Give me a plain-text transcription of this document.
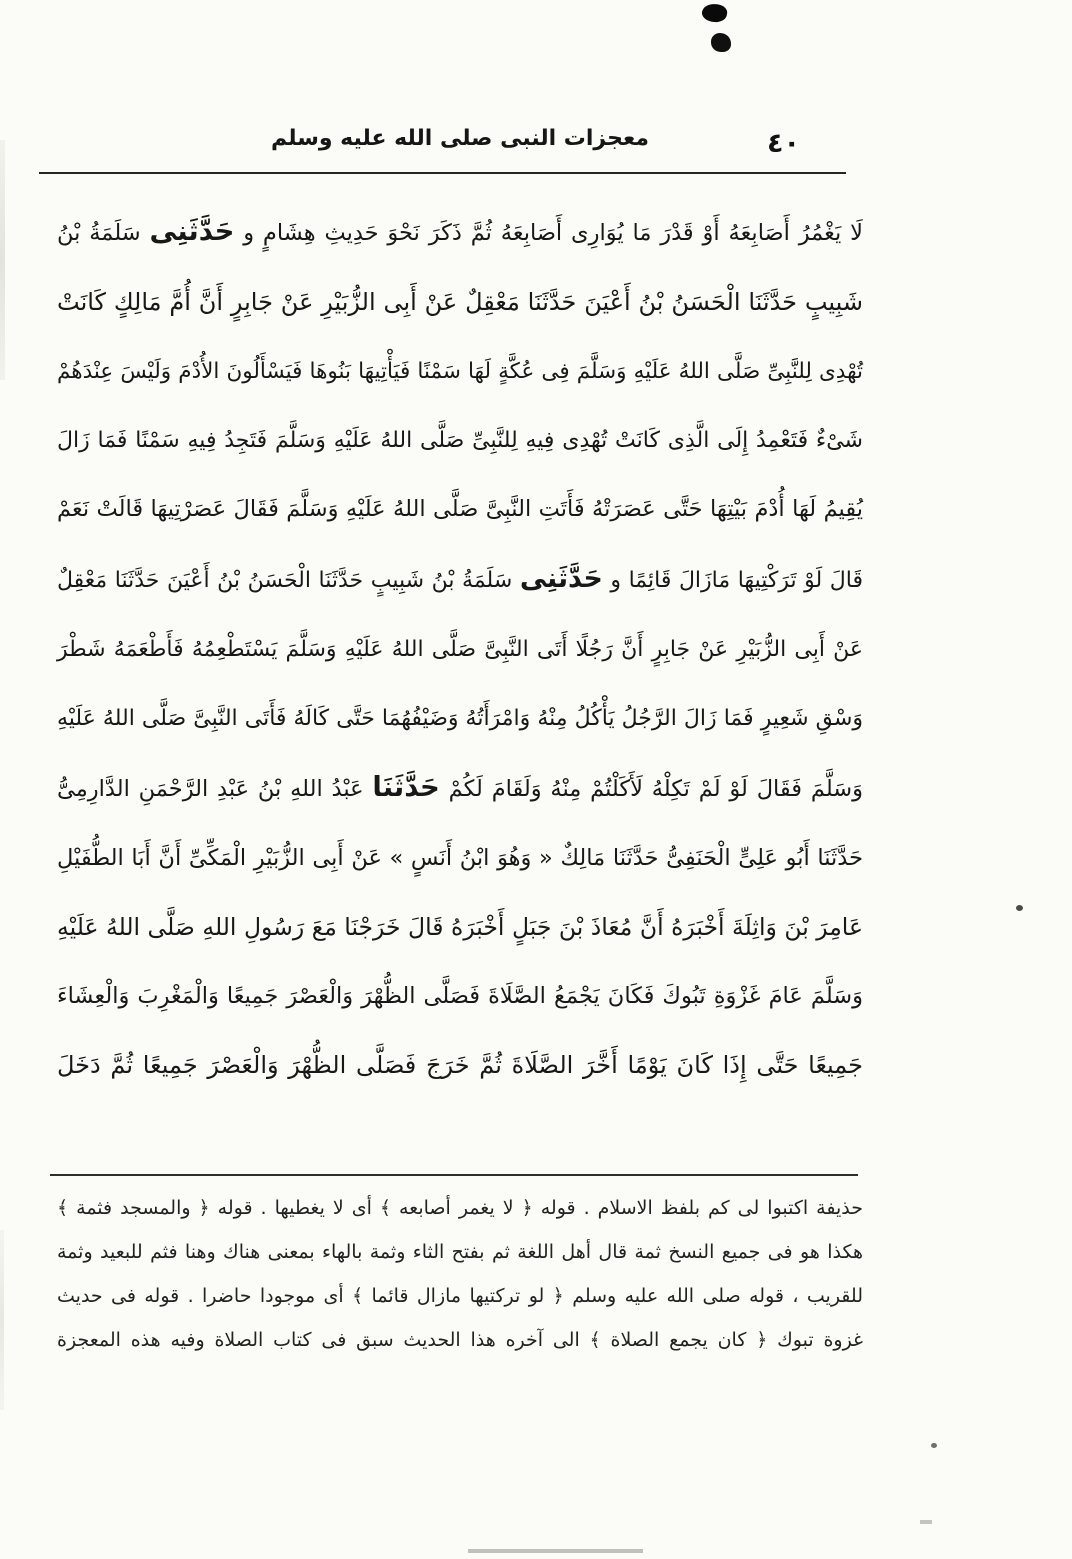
معجزات النبى صلى الله عليه وسلم	٤٠
لَا يَغْمُرُ أَصَابِعَهُ أَوْ قَدْرَ مَا يُوَارِى أَصَابِعَهُ ثُمَّ ذَكَرَ نَحْوَ حَدِيثِ هِشَامٍ و حَدَّثَنِى سَلَمَةُ بْنُ
شَبِيبٍ حَدَّثَنَا الْحَسَنُ بْنُ أَعْيَنَ حَدَّثَنَا مَعْقِلٌ عَنْ أَبِى الزُّبَيْرِ عَنْ جَابِرٍ أَنَّ أُمَّ مَالِكٍ كَانَتْ
تُهْدِى لِلنَّبِىِّ صَلَّى اللهُ عَلَيْهِ وَسَلَّمَ فِى عُكَّةٍ لَهَا سَمْنًا فَيَأْتِيهَا بَنُوهَا فَيَسْأَلُونَ الأُدْمَ وَلَيْسَ عِنْدَهُمْ
شَىْءٌ فَتَعْمِدُ إِلَى الَّذِى كَانَتْ تُهْدِى فِيهِ لِلنَّبِىِّ صَلَّى اللهُ عَلَيْهِ وَسَلَّمَ فَتَجِدُ فِيهِ سَمْنًا فَمَا زَالَ
يُقِيمُ لَهَا أُدْمَ بَيْتِهَا حَتَّى عَصَرَتْهُ فَأَتَتِ النَّبِىَّ صَلَّى اللهُ عَلَيْهِ وَسَلَّمَ فَقَالَ عَصَرْتِيهَا قَالَتْ نَعَمْ
قَالَ لَوْ تَرَكْتِيهَا مَازَالَ قَائِمًا و حَدَّثَنِى سَلَمَةُ بْنُ شَبِيبٍ حَدَّثَنَا الْحَسَنُ بْنُ أَعْيَنَ حَدَّثَنَا مَعْقِلٌ
عَنْ أَبِى الزُّبَيْرِ عَنْ جَابِرٍ أَنَّ رَجُلًا أَتَى النَّبِىَّ صَلَّى اللهُ عَلَيْهِ وَسَلَّمَ يَسْتَطْعِمُهُ فَأَطْعَمَهُ شَطْرَ
وَسْقِ شَعِيرٍ فَمَا زَالَ الرَّجُلُ يَأْكُلُ مِنْهُ وَامْرَأَتُهُ وَضَيْفُهُمَا حَتَّى كَالَهُ فَأَتَى النَّبِىَّ صَلَّى اللهُ عَلَيْهِ
وَسَلَّمَ فَقَالَ لَوْ لَمْ تَكِلْهُ لَأَكَلْتُمْ مِنْهُ وَلَقَامَ لَكُمْ حَدَّثَنَا عَبْدُ اللهِ بْنُ عَبْدِ الرَّحْمَنِ الدَّارِمِىُّ
حَدَّثَنَا أَبُو عَلِىٍّ الْحَنَفِىُّ حَدَّثَنَا مَالِكٌ « وَهُوَ ابْنُ أَنَسٍ » عَنْ أَبِى الزُّبَيْرِ الْمَكِّىِّ أَنَّ أَبَا الطُّفَيْلِ
عَامِرَ بْنَ وَاثِلَةَ أَخْبَرَهُ أَنَّ مُعَاذَ بْنَ جَبَلٍ أَخْبَرَهُ قَالَ خَرَجْنَا مَعَ رَسُولِ اللهِ صَلَّى اللهُ عَلَيْهِ
وَسَلَّمَ عَامَ غَزْوَةِ تَبُوكَ فَكَانَ يَجْمَعُ الصَّلَاةَ فَصَلَّى الظُّهْرَ وَالْعَصْرَ جَمِيعًا وَالْمَغْرِبَ وَالْعِشَاءَ
جَمِيعًا حَتَّى إِذَا كَانَ يَوْمًا أَخَّرَ الصَّلَاةَ ثُمَّ خَرَجَ فَصَلَّى الظُّهْرَ وَالْعَصْرَ جَمِيعًا ثُمَّ دَخَلَ
حذيفة اكتبوا لى كم بلفظ الاسلام . قوله ﴿ لا يغمر أصابعه ﴾ أى لا يغطيها . قوله ﴿ والمسجد فثمة ﴾
هكذا هو فى جميع النسخ ثمة قال أهل اللغة ثم بفتح الثاء وثمة بالهاء بمعنى هناك وهنا فثم للبعيد وثمة
للقريب ، قوله صلى الله عليه وسلم ﴿ لو تركتيها مازال قائما ﴾ أى موجودا حاضرا . قوله فى حديث
غزوة تبوك ﴿ كان يجمع الصلاة ﴾ الى آخره هذا الحديث سبق فى كتاب الصلاة وفيه هذه المعجزة
